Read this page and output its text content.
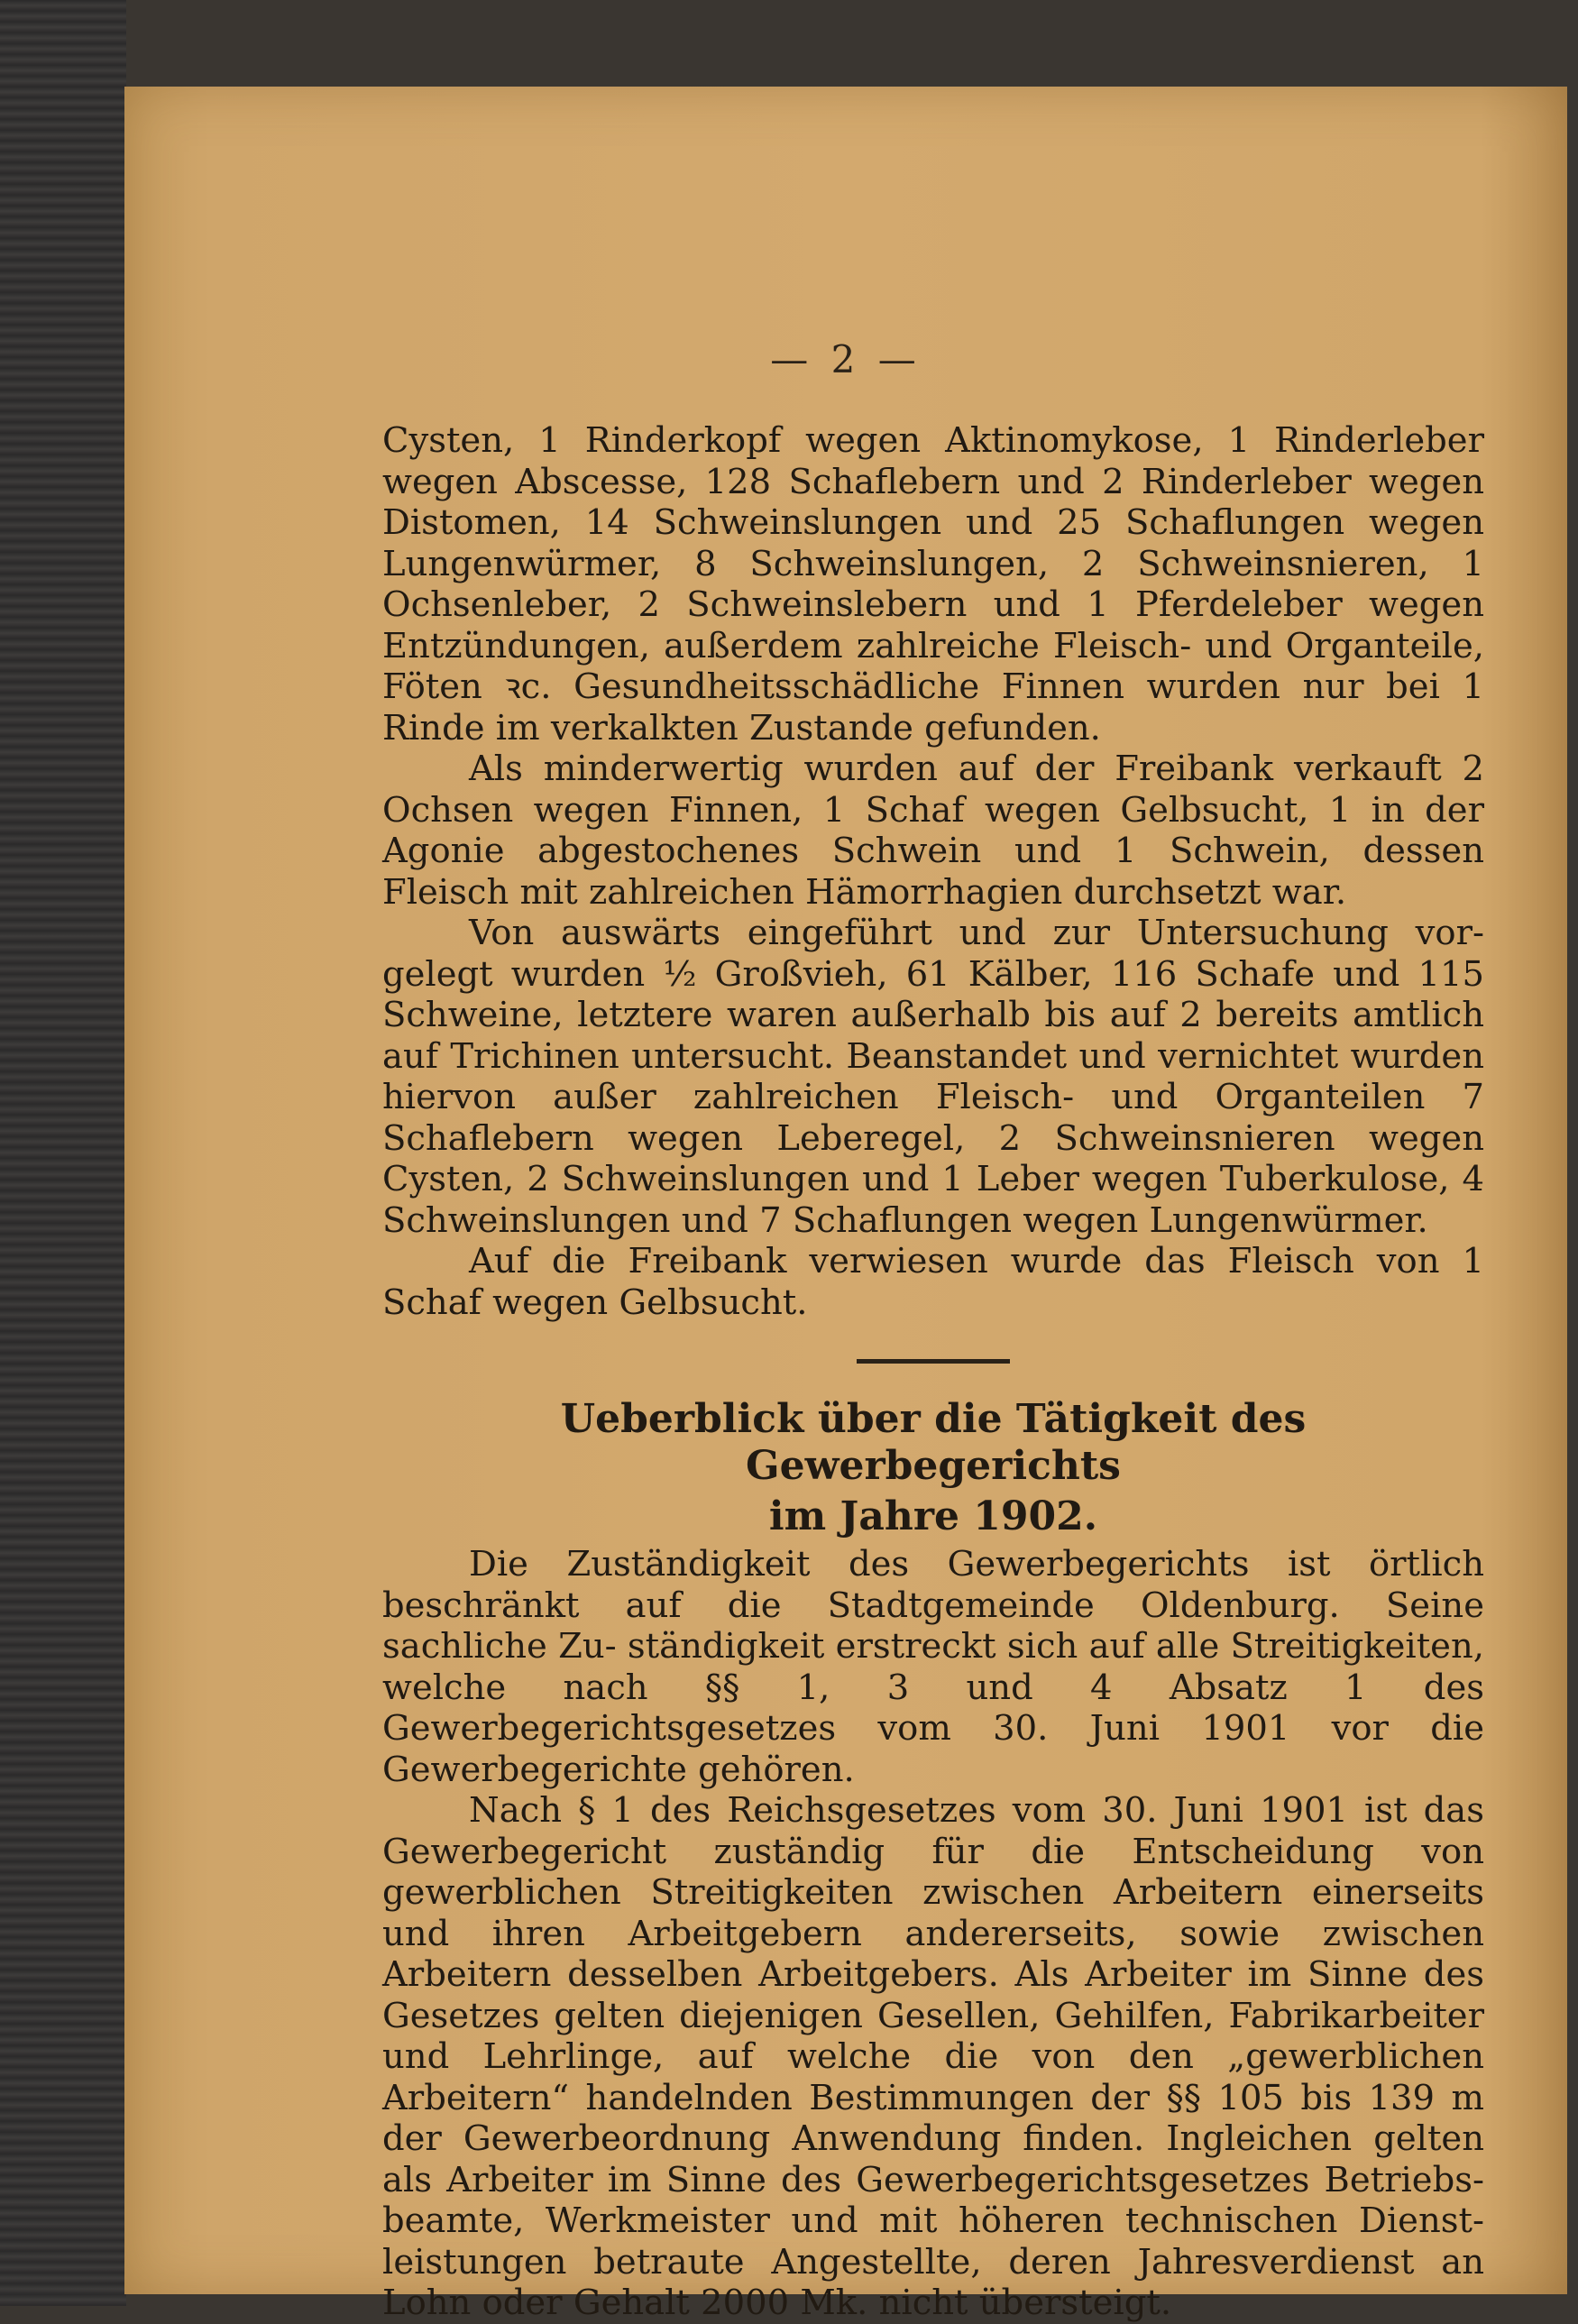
— 2 —

Cysten, 1 Rinderkopf wegen Aktinomykose, 1 Rinderleber wegen Abscesse, 128 Schaflebern und 2 Rinderleber wegen Distomen, 14 Schweinslungen und 25 Schaflungen wegen Lungenwürmer, 8 Schweinslungen, 2 Schweinsnieren, 1 Ochsenleber, 2 Schweinslebern und 1 Pferdeleber wegen Entzündungen, außerdem zahlreiche Fleisch- und Organteile, Föten ꝛc. Gesundheitsschädliche Finnen wurden nur bei 1 Rinde im verkalkten Zustande gefunden.

Als minderwertig wurden auf der Freibank verkauft 2 Ochsen wegen Finnen, 1 Schaf wegen Gelbsucht, 1 in der Agonie abgestochenes Schwein und 1 Schwein, dessen Fleisch mit zahlreichen Hämorrhagien durchsetzt war.

Von auswärts eingeführt und zur Untersuchung vor- gelegt wurden ½ Großvieh, 61 Kälber, 116 Schafe und 115 Schweine, letztere waren außerhalb bis auf 2 bereits amtlich auf Trichinen untersucht. Beanstandet und vernichtet wurden hiervon außer zahlreichen Fleisch- und Organteilen 7 Schaflebern wegen Leberegel, 2 Schweinsnieren wegen Cysten, 2 Schweinslungen und 1 Leber wegen Tuberkulose, 4 Schweinslungen und 7 Schaflungen wegen Lungenwürmer.

Auf die Freibank verwiesen wurde das Fleisch von 1 Schaf wegen Gelbsucht.

Ueberblick über die Tätigkeit des Gewerbegerichts
im Jahre 1902.

Die Zuständigkeit des Gewerbegerichts ist örtlich beschränkt auf die Stadtgemeinde Oldenburg. Seine sachliche Zu- ständigkeit erstreckt sich auf alle Streitigkeiten, welche nach §§ 1, 3 und 4 Absatz 1 des Gewerbegerichtsgesetzes vom 30. Juni 1901 vor die Gewerbegerichte gehören.

Nach § 1 des Reichsgesetzes vom 30. Juni 1901 ist das Gewerbegericht zuständig für die Entscheidung von gewerblichen Streitigkeiten zwischen Arbeitern einerseits und ihren Arbeitgebern andererseits, sowie zwischen Arbeitern desselben Arbeitgebers. Als Arbeiter im Sinne des Gesetzes gelten diejenigen Gesellen, Gehilfen, Fabrikarbeiter und Lehrlinge, auf welche die von den „gewerblichen Arbeitern“ handelnden Bestimmungen der §§ 105 bis 139 m der Gewerbeordnung Anwendung finden. Ingleichen gelten als Arbeiter im Sinne des Gewerbegerichtsgesetzes Betriebs- beamte, Werkmeister und mit höheren technischen Dienst- leistungen betraute Angestellte, deren Jahresverdienst an Lohn oder Gehalt 2000 Mk. nicht übersteigt.
